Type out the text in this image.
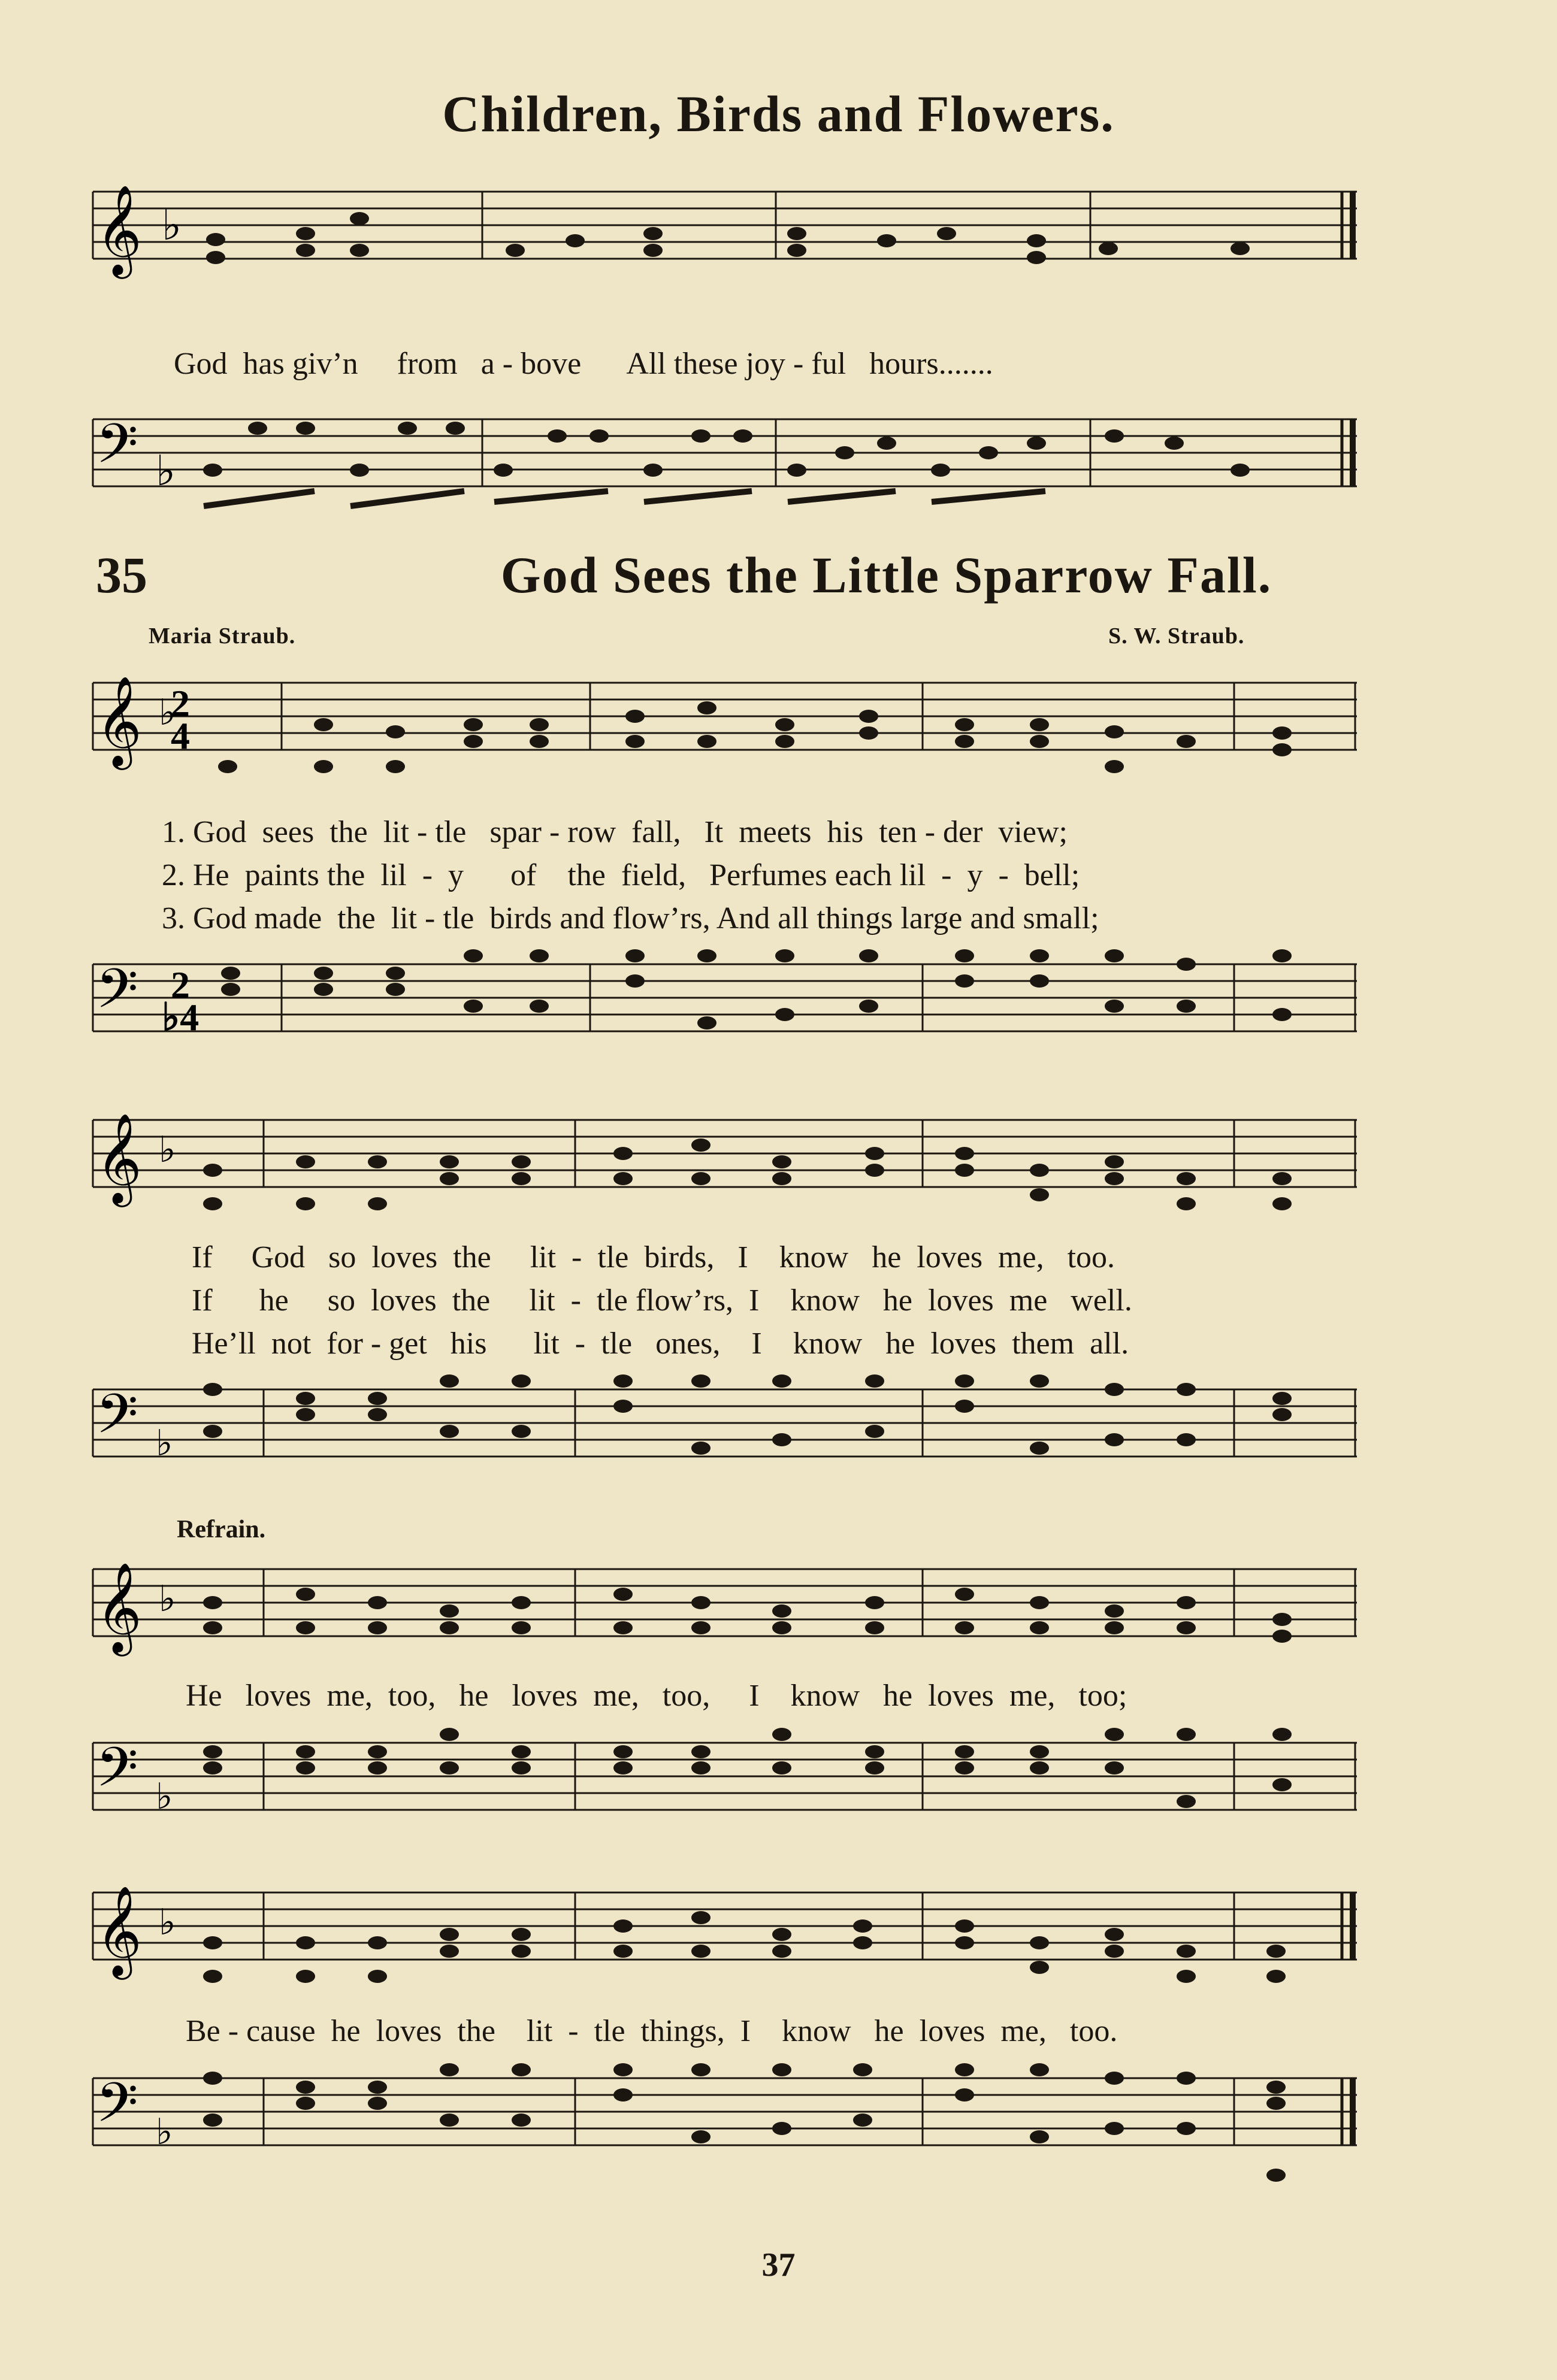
Children, Birds and Flowers.
𝄞 ♭
God  has giv’n     from   a - bove      All these joy - ful   hours.......
𝄢 ♭
35	God Sees the Little Sparrow Fall.
Maria Straub.	S. W. Straub.
𝄞 ♭
2
4
1. God  sees  the  lit - tle   spar - row  fall,   It  meets  his  ten - der  view;
2. He  paints the  lil  -  y      of    the  field,   Perfumes each lil  -  y  -  bell;
3. God made  the  lit - tle  birds and flow’rs, And all things large and small;
𝄢 2
♭4
𝄞 ♭
If     God   so  loves  the     lit  -  tle  birds,   I    know   he  loves  me,   too.
If      he     so  loves  the     lit  -  tle flow’rs,  I    know   he  loves  me   well.
He’ll  not  for - get   his      lit  -  tle   ones,    I    know   he  loves  them  all.
𝄢 ♭
Refrain.
𝄞 ♭
He   loves  me,  too,   he   loves  me,   too,     I    know   he  loves  me,   too;
𝄢 ♭
𝄞 ♭
Be - cause  he  loves  the    lit  -  tle  things,  I    know   he  loves  me,   too.
𝄢 ♭
37
